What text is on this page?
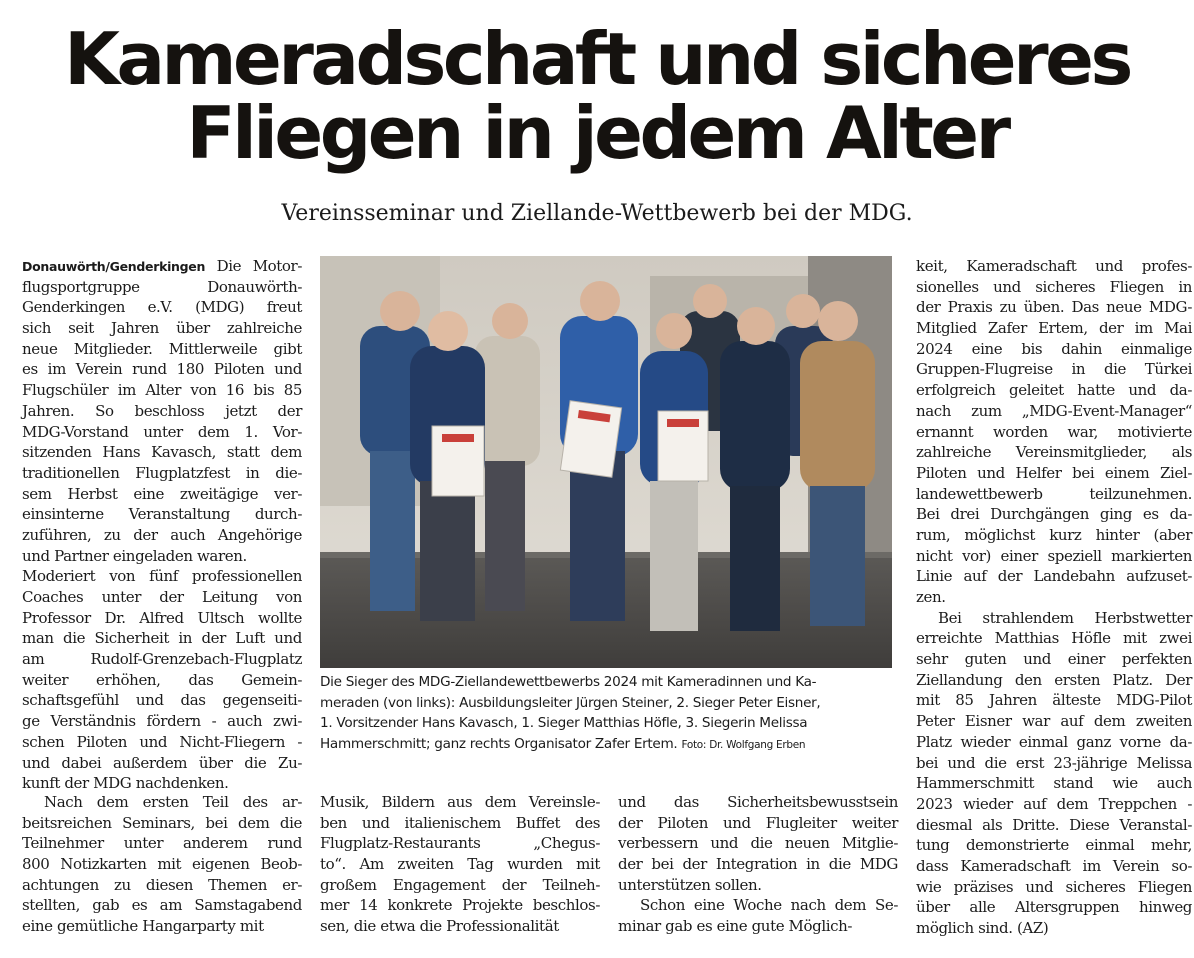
Kameradschaft und sicheres
Fliegen in jedem Alter
Vereinsseminar und Ziellande-Wettbewerb bei der MDG.
Donauwörth/Genderkingen Die Motor-
flugsportgruppe Donauwörth-
Genderkingen e.V. (MDG) freut
sich seit Jahren über zahlreiche
neue Mitglieder. Mittlerweile gibt
es im Verein rund 180 Piloten und
Flugschüler im Alter von 16 bis 85
Jahren. So beschloss jetzt der
MDG-Vorstand unter dem 1. Vor-
sitzenden Hans Kavasch, statt dem
traditionellen Flugplatzfest in die-
sem Herbst eine zweitägige ver-
einsinterne Veranstaltung durch-
zuführen, zu der auch Angehörige
und Partner eingeladen waren.
Moderiert von fünf professionellen
Coaches unter der Leitung von
Professor Dr. Alfred Ultsch wollte
man die Sicherheit in der Luft und
am Rudolf-Grenzebach-Flugplatz
weiter erhöhen, das Gemein-
schaftsgefühl und das gegenseiti-
ge Verständnis fördern - auch zwi-
schen Piloten und Nicht-Fliegern -
und dabei außerdem über die Zu-
kunft der MDG nachdenken.
Nach dem ersten Teil des ar-
beitsreichen Seminars, bei dem die
Teilnehmer unter anderem rund
800 Notizkarten mit eigenen Beob-
achtungen zu diesen Themen er-
stellten, gab es am Samstagabend
eine gemütliche Hangarparty mit
Musik, Bildern aus dem Vereinsle-
ben und italienischem Buffet des
Flugplatz-Restaurants „Chegus-
to“. Am zweiten Tag wurden mit
großem Engagement der Teilneh-
mer 14 konkrete Projekte beschlos-
sen, die etwa die Professionalität
und das Sicherheitsbewusstsein
der Piloten und Flugleiter weiter
verbessern und die neuen Mitglie-
der bei der Integration in die MDG
unterstützen sollen.
Schon eine Woche nach dem Se-
minar gab es eine gute Möglich-
keit, Kameradschaft und profes-
sionelles und sicheres Fliegen in
der Praxis zu üben. Das neue MDG-
Mitglied Zafer Ertem, der im Mai
2024 eine bis dahin einmalige
Gruppen-Flugreise in die Türkei
erfolgreich geleitet hatte und da-
nach zum „MDG-Event-Manager“
ernannt worden war, motivierte
zahlreiche Vereinsmitglieder, als
Piloten und Helfer bei einem Ziel-
landewettbewerb teilzunehmen.
Bei drei Durchgängen ging es da-
rum, möglichst kurz hinter (aber
nicht vor) einer speziell markierten
Linie auf der Landebahn aufzuset-
zen.
Bei strahlendem Herbstwetter
erreichte Matthias Höfle mit zwei
sehr guten und einer perfekten
Ziellandung den ersten Platz. Der
mit 85 Jahren älteste MDG-Pilot
Peter Eisner war auf dem zweiten
Platz wieder einmal ganz vorne da-
bei und die erst 23-jährige Melissa
Hammerschmitt stand wie auch
2023 wieder auf dem Treppchen -
diesmal als Dritte. Diese Veranstal-
tung demonstrierte einmal mehr,
dass Kameradschaft im Verein so-
wie präzises und sicheres Fliegen
über alle Altersgruppen hinweg
möglich sind. (AZ)
Die Sieger des MDG-Ziellandewettbewerbs 2024 mit Kameradinnen und Ka-
meraden (von links): Ausbildungsleiter Jürgen Steiner, 2. Sieger Peter Eisner,
1. Vorsitzender Hans Kavasch, 1. Sieger Matthias Höfle, 3. Siegerin Melissa
Hammerschmitt; ganz rechts Organisator Zafer Ertem. Foto: Dr. Wolfgang Erben
